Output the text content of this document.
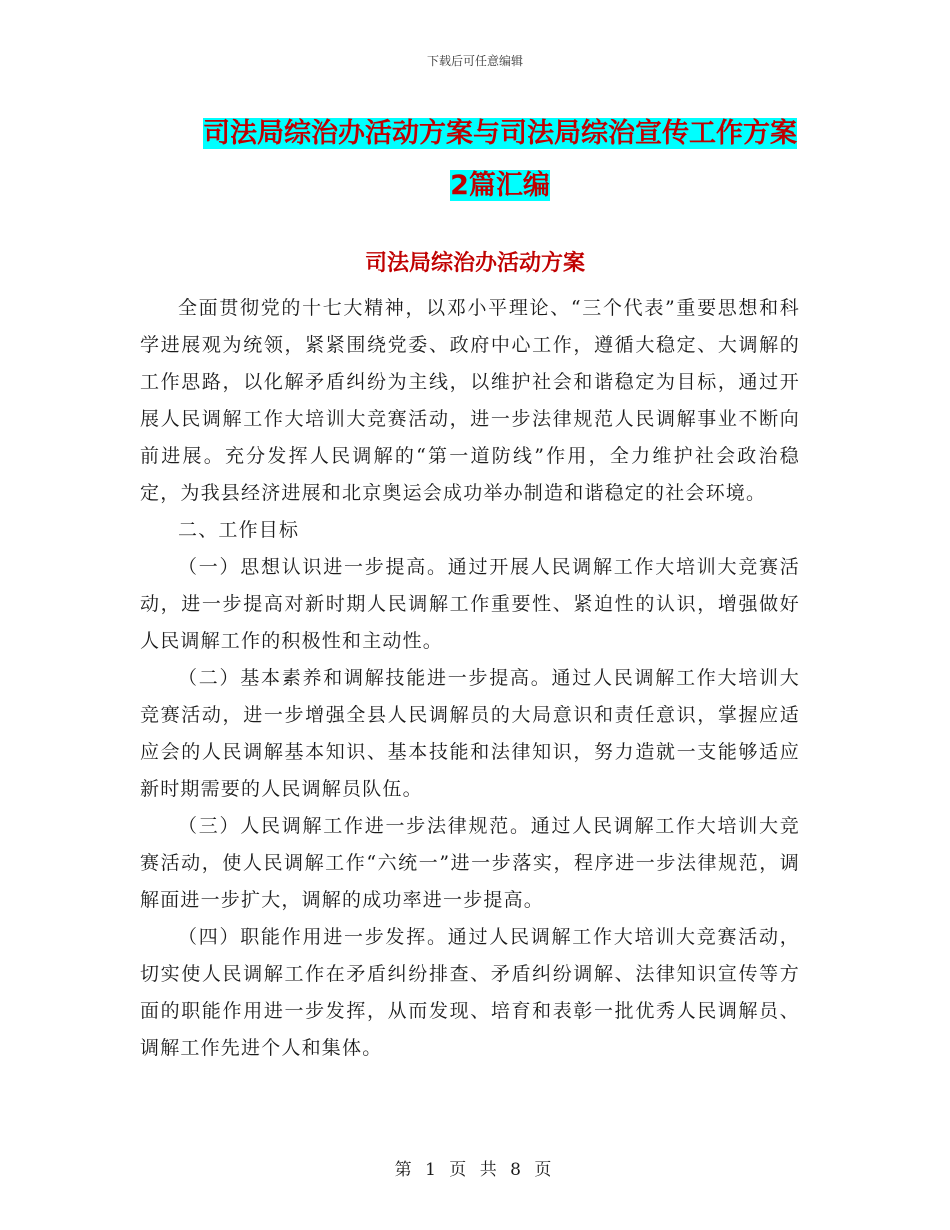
下载后可任意编辑
司法局综治办活动方案与司法局综治宣传工作方案2篇汇编
司法局综治办活动方案

全面贯彻党的十七大精神，以邓小平理论、“三个代表”重要思想和科学进展观为统领，紧紧围绕党委、政府中心工作，遵循大稳定、大调解的工作思路，以化解矛盾纠纷为主线，以维护社会和谐稳定为目标，通过开展人民调解工作大培训大竞赛活动，进一步法律规范人民调解事业不断向前进展。充分发挥人民调解的“第一道防线”作用，全力维护社会政治稳定，为我县经济进展和北京奥运会成功举办制造和谐稳定的社会环境。

二、工作目标

（一）思想认识进一步提高。通过开展人民调解工作大培训大竞赛活动，进一步提高对新时期人民调解工作重要性、紧迫性的认识，增强做好人民调解工作的积极性和主动性。

（二）基本素养和调解技能进一步提高。通过人民调解工作大培训大竞赛活动，进一步增强全县人民调解员的大局意识和责任意识，掌握应适应会的人民调解基本知识、基本技能和法律知识，努力造就一支能够适应新时期需要的人民调解员队伍。

（三）人民调解工作进一步法律规范。通过人民调解工作大培训大竞赛活动，使人民调解工作“六统一”进一步落实，程序进一步法律规范，调解面进一步扩大，调解的成功率进一步提高。

（四）职能作用进一步发挥。通过人民调解工作大培训大竞赛活动，切实使人民调解工作在矛盾纠纷排查、矛盾纠纷调解、法律知识宣传等方面的职能作用进一步发挥，从而发现、培育和表彰一批优秀人民调解员、调解工作先进个人和集体。

第 1 页 共 8 页
